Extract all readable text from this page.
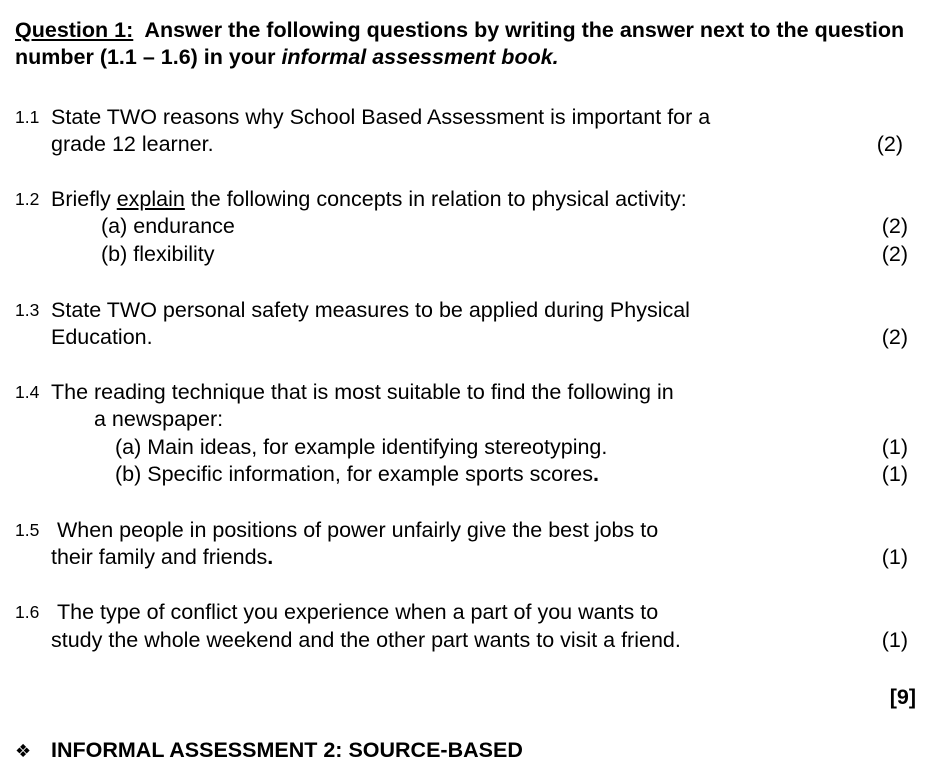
Question 1: Answer the following questions by writing the answer next to the question number (1.1 – 1.6) in your informal assessment book.
1.1 State TWO reasons why School Based Assessment is important for a
grade 12 learner.	(2)
1.2 Briefly explain the following concepts in relation to physical activity:
(a) endurance	(2)
(b) flexibility	(2)
1.3 State TWO personal safety measures to be applied during Physical
Education.	(2)
1.4 The reading technique that is most suitable to find the following in
a newspaper:
(a) Main ideas, for example identifying stereotyping.	(1)
(b) Specific information, for example sports scores.	(1)
1.5 When people in positions of power unfairly give the best jobs to
their family and friends.	(1)
1.6 The type of conflict you experience when a part of you wants to
study the whole weekend and the other part wants to visit a friend.	(1)
[9]
❖ INFORMAL ASSESSMENT 2: SOURCE-BASED
